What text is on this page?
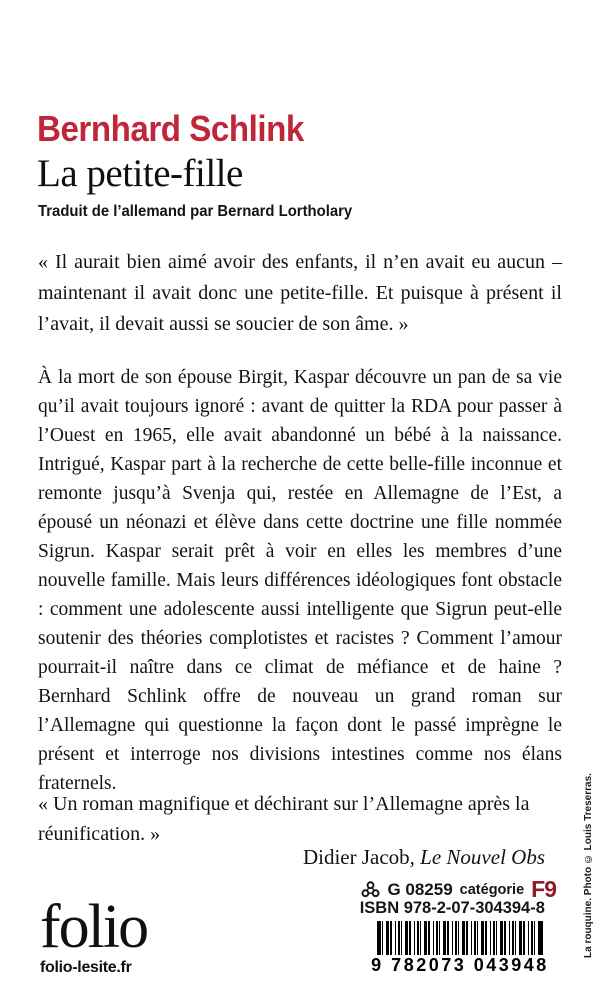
Bernhard Schlink
La petite-fille
Traduit de l’allemand par Bernard Lortholary

« Il aurait bien aimé avoir des enfants, il n’en avait eu aucun – maintenant il avait donc une petite-fille. Et puisque à présent il l’avait, il devait aussi se soucier de son âme. »

À la mort de son épouse Birgit, Kaspar découvre un pan de sa vie qu’il avait toujours ignoré : avant de quitter la RDA pour passer à l’Ouest en 1965, elle avait abandonné un bébé à la naissance. Intrigué, Kaspar part à la recherche de cette belle-fille inconnue et remonte jusqu’à Svenja qui, restée en Allemagne de l’Est, a épousé un néonazi et élève dans cette doctrine une fille nommée Sigrun. Kaspar serait prêt à voir en elles les membres d’une nouvelle famille. Mais leurs différences idéologiques font obstacle : comment une adolescente aussi intelligente que Sigrun peut-elle soutenir des théories complotistes et racistes ? Comment l’amour pourrait-il naître dans ce climat de méfiance et de haine ? Bernhard Schlink offre de nouveau un grand roman sur l’Allemagne qui questionne la façon dont le passé imprègne le présent et interroge nos divisions intestines comme nos élans fraternels.

« Un roman magnifique et déchirant sur l’Allemagne après la réunification. »

Didier Jacob, Le Nouvel Obs

G 08259 catégorie F9
ISBN 978-2-07-304394-8
folio
folio-lesite.fr	9 782073 043948
La rouquine. Photo © Louis Treserras.
